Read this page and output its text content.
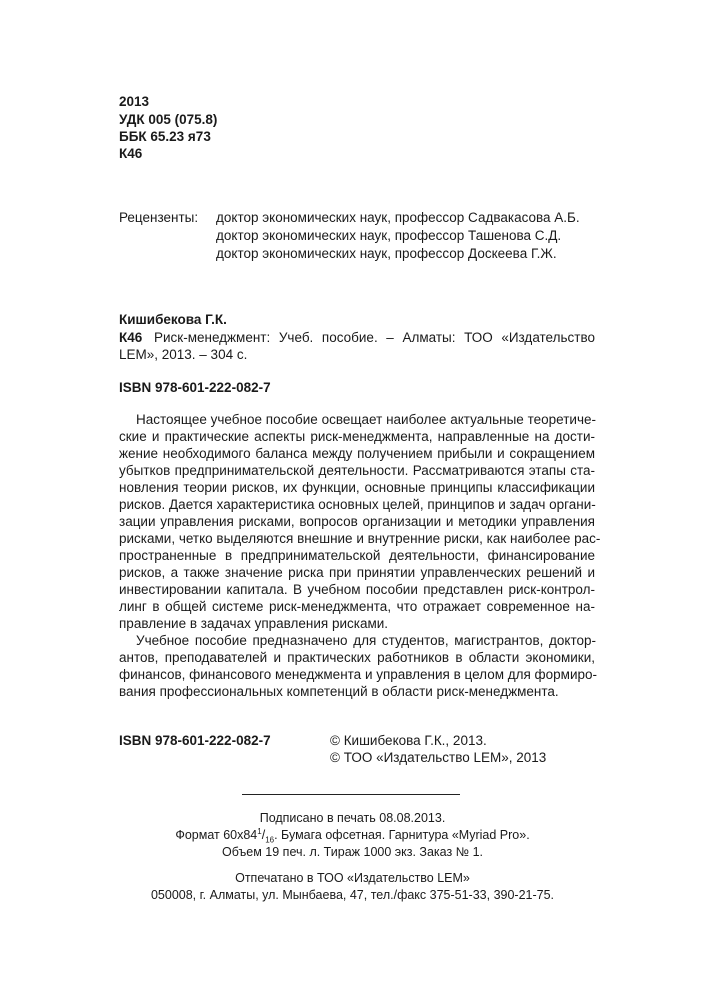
2013
УДК 005 (075.8)
ББК 65.23 я73
К46
Рецензенты: доктор экономических наук, профессор Садвакасова А.Б.
доктор экономических наук, профессор Ташенова С.Д.
доктор экономических наук, профессор Доскеева Г.Ж.
Кишибекова Г.К.
К46 Риск-менеджмент: Учеб. пособие. – Алматы: ТОО «Издательство
LEM», 2013. – 304 с.
ISBN 978-601-222-082-7
Настоящее учебное пособие освещает наиболее актуальные теоретиче-
ские и практические аспекты риск-менеджмента, направленные на дости-
жение необходимого баланса между получением прибыли и сокращением
убытков предпринимательской деятельности. Рассматриваются этапы ста-
новления теории рисков, их функции, основные принципы классификации
рисков. Дается характеристика основных целей, принципов и задач органи-
зации управления рисками, вопросов организации и методики управления
рисками, четко выделяются внешние и внутренние риски, как наиболее рас-
пространенные в предпринимательской деятельности, финансирование
рисков, а также значение риска при принятии управленческих решений и
инвестировании капитала. В учебном пособии представлен риск-контрол-
линг в общей системе риск-менеджмента, что отражает современное на-
правление в задачах управления рисками.
Учебное пособие предназначено для студентов, магистрантов, доктор-
антов, преподавателей и практических работников в области экономики,
финансов, финансового менеджмента и управления в целом для формиро-
вания профессиональных компетенций в области риск-менеджмента.
ISBN 978-601-222-082-7	© Кишибекова Г.К., 2013.
© ТОО «Издательство LEM», 2013
Подписано в печать 08.08.2013.
Формат $60x84^1/_{16}$. Бумага офсетная. Гарнитура «Myriad Pro».
Объем 19 печ. л. Тираж 1000 экз. Заказ № 1.
Отпечатано в ТОО «Издательство LEM»
050008, г. Алматы, ул. Мынбаева, 47, тел./факс 375-51-33, 390-21-75.
